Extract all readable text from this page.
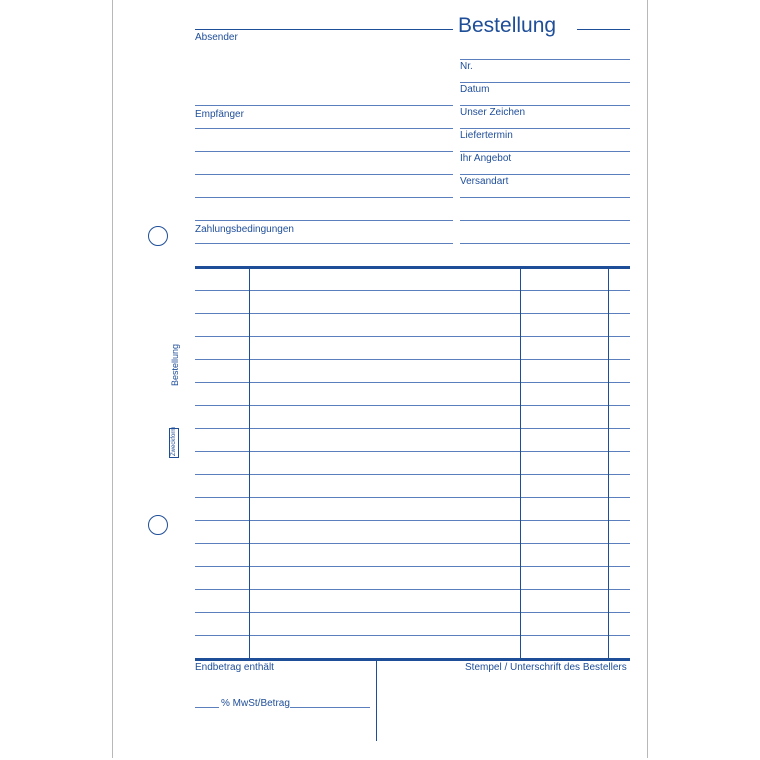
Bestellung
Absender
Empfänger
Zahlungsbedingungen
Nr.
Datum
Unser Zeichen
Liefertermin
Ihr Angebot
Versandart
Endbetrag enthält	Stempel / Unterschrift des Bestellers
% MwSt/Betrag
Bestellung
Zweckform
